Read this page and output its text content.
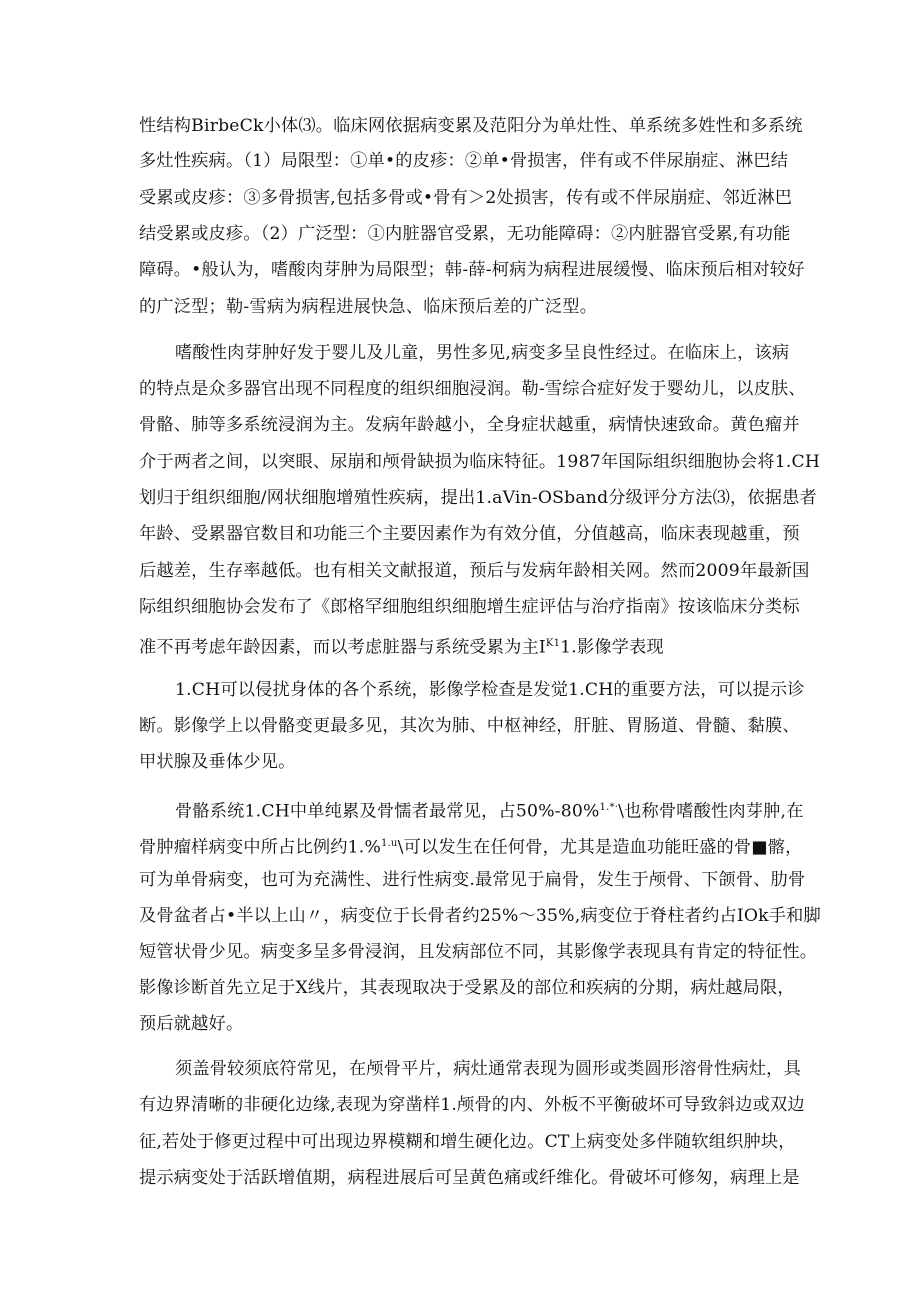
性结构BirbeCk小体⑶。临床网依据病变累及范阳分为单灶性、单系统多姓性和多系统
多灶性疾病。（1）局限型：①单•的皮疹：②单•骨损害，伴有或不伴尿崩症、淋巴结
受累或皮疹：③多骨损害,包括多骨或•骨有＞2处损害，传有或不伴尿崩症、邻近淋巴
结受累或皮疹。（2）广泛型：①内脏器官受累，无功能障碍：②内脏器官受累,有功能
障碍。•般认为，嗜酸肉芽肿为局限型；韩-薛-柯病为病程进展缓慢、临床预后相对较好
的广泛型；勒-雪病为病程进展快急、临床预后差的广泛型。
嗜酸性肉芽肿好发于婴儿及儿童，男性多见,病变多呈良性经过。在临床上，该病
的特点是众多器官出现不同程度的组织细胞浸润。勒-雪综合症好发于婴幼儿，以皮肤、
骨骼、肺等多系统浸润为主。发病年龄越小，全身症状越重，病情快速致命。黄色瘤并
介于两者之间，以突眼、尿崩和颅骨缺损为临床特征。1987年国际组织细胞协会将1.CH
划归于组织细胞/网状细胞增殖性疾病，提出1.aVin-OSband分级评分方法⑶，依据患者
年龄、受累器官数目和功能三个主要因素作为有效分值，分值越高，临床表现越重，预
后越差，生存率越低。也有相关文献报道，预后与发病年龄相关网。然而2009年最新国
际组织细胞协会发布了《郎格罕细胞组织细胞增生症评估与治疗指南》按该临床分类标
准不再考虑年龄因素，而以考虑脏器与系统受累为主$I^{K1}1$.影像学表现
1.CH可以侵扰身体的各个系统，影像学检查是发觉1.CH的重要方法，可以提示诊
断。影像学上以骨骼变更最多见，其次为肺、中枢神经，肝脏、胃肠道、骨髓、黏膜、
甲状腺及垂体少见。
骨骼系统1.CH中单纯累及骨懦者最常见，占50%-80%$^{1.*\cdot}$\也称骨嗜酸性肉芽肿,在
骨肿瘤样病变中所占比例约1.%$^{1.u}$\可以发生在任何骨，尤其是造血功能旺盛的骨■髂，
可为单骨病变，也可为充满性、进行性病变.最常见于扁骨，发生于颅骨、下颌骨、肋骨
及骨盆者占•半以上山〃，病变位于长骨者约25%〜35%,病变位于脊柱者约占IOk手和脚
短管状骨少见。病变多呈多骨浸润，且发病部位不同，其影像学表现具有肯定的特征性。
影像诊断首先立足于X线片，其表现取决于受累及的部位和疾病的分期，病灶越局限，
预后就越好。
须盖骨较须底符常见，在颅骨平片，病灶通常表现为圆形或类圆形溶骨性病灶，具
有边界清晰的非硬化边缘,表现为穿凿样1.颅骨的内、外板不平衡破坏可导致斜边或双边
征,若处于修更过程中可出现边界模糊和增生硬化边。CT上病变处多伴随软组织肿块，
提示病变处于活跃增值期，病程进展后可呈黄色痛或纤维化。骨破坏可修匆，病理上是
